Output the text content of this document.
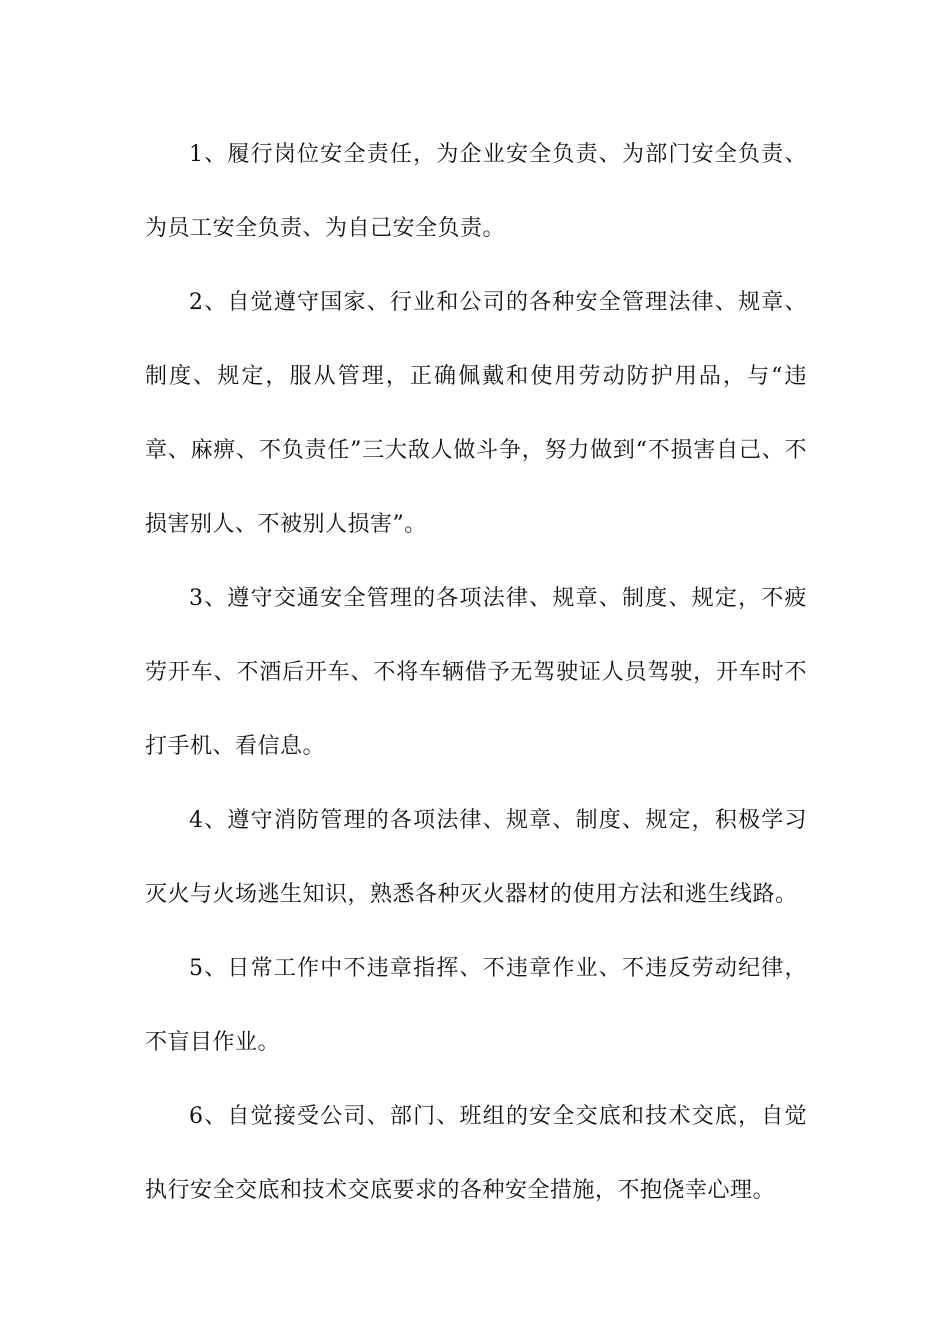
1、履行岗位安全责任，为企业安全负责、为部门安全负责、为员工安全负责、为自己安全负责。

2、自觉遵守国家、行业和公司的各种安全管理法律、规章、制度、规定，服从管理，正确佩戴和使用劳动防护用品，与“违章、麻痹、不负责任”三大敌人做斗争，努力做到“不损害自己、不损害别人、不被别人损害”。

3、遵守交通安全管理的各项法律、规章、制度、规定，不疲劳开车、不酒后开车、不将车辆借予无驾驶证人员驾驶，开车时不打手机、看信息。

4、遵守消防管理的各项法律、规章、制度、规定，积极学习灭火与火场逃生知识，熟悉各种灭火器材的使用方法和逃生线路。

5、日常工作中不违章指挥、不违章作业、不违反劳动纪律，不盲目作业。

6、自觉接受公司、部门、班组的安全交底和技术交底，自觉执行安全交底和技术交底要求的各种安全措施，不抱侥幸心理。
